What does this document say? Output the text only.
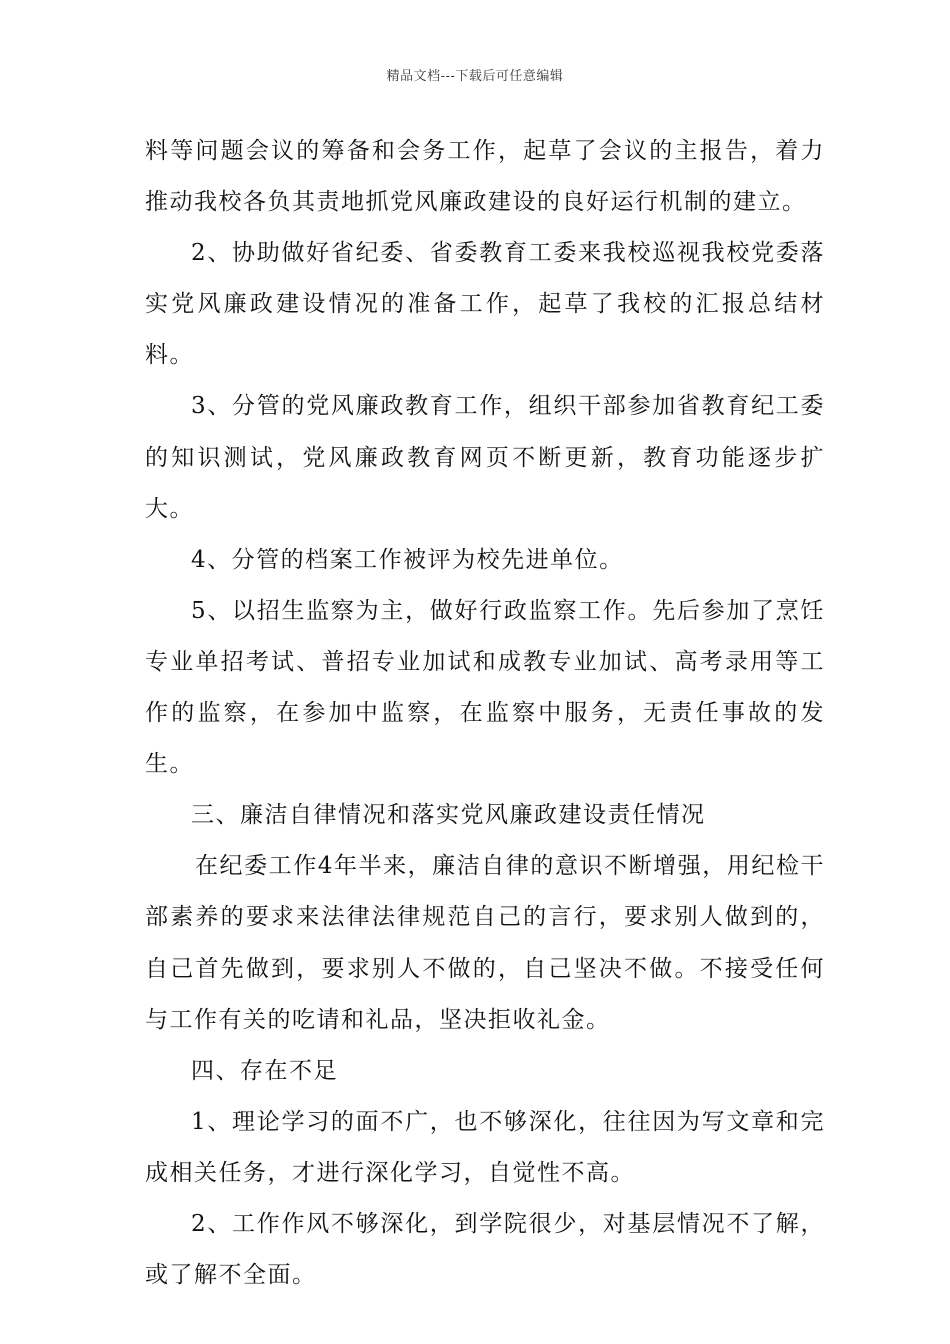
精品文档---下载后可任意编辑

料等问题会议的筹备和会务工作，起草了会议的主报告，着力推动我校各负其责地抓党风廉政建设的良好运行机制的建立。

2、协助做好省纪委、省委教育工委来我校巡视我校党委落实党风廉政建设情况的准备工作，起草了我校的汇报总结材料。

3、分管的党风廉政教育工作，组织干部参加省教育纪工委的知识测试，党风廉政教育网页不断更新，教育功能逐步扩大。

4、分管的档案工作被评为校先进单位。

5、以招生监察为主，做好行政监察工作。先后参加了烹饪专业单招考试、普招专业加试和成教专业加试、高考录用等工作的监察，在参加中监察，在监察中服务，无责任事故的发生。

三、廉洁自律情况和落实党风廉政建设责任情况

在纪委工作4年半来，廉洁自律的意识不断增强，用纪检干部素养的要求来法律法律规范自己的言行，要求别人做到的，自己首先做到，要求别人不做的，自己坚决不做。不接受任何与工作有关的吃请和礼品，坚决拒收礼金。

四、存在不足

1、理论学习的面不广，也不够深化，往往因为写文章和完成相关任务，才进行深化学习，自觉性不高。

2、工作作风不够深化，到学院很少，对基层情况不了解，或了解不全面。
